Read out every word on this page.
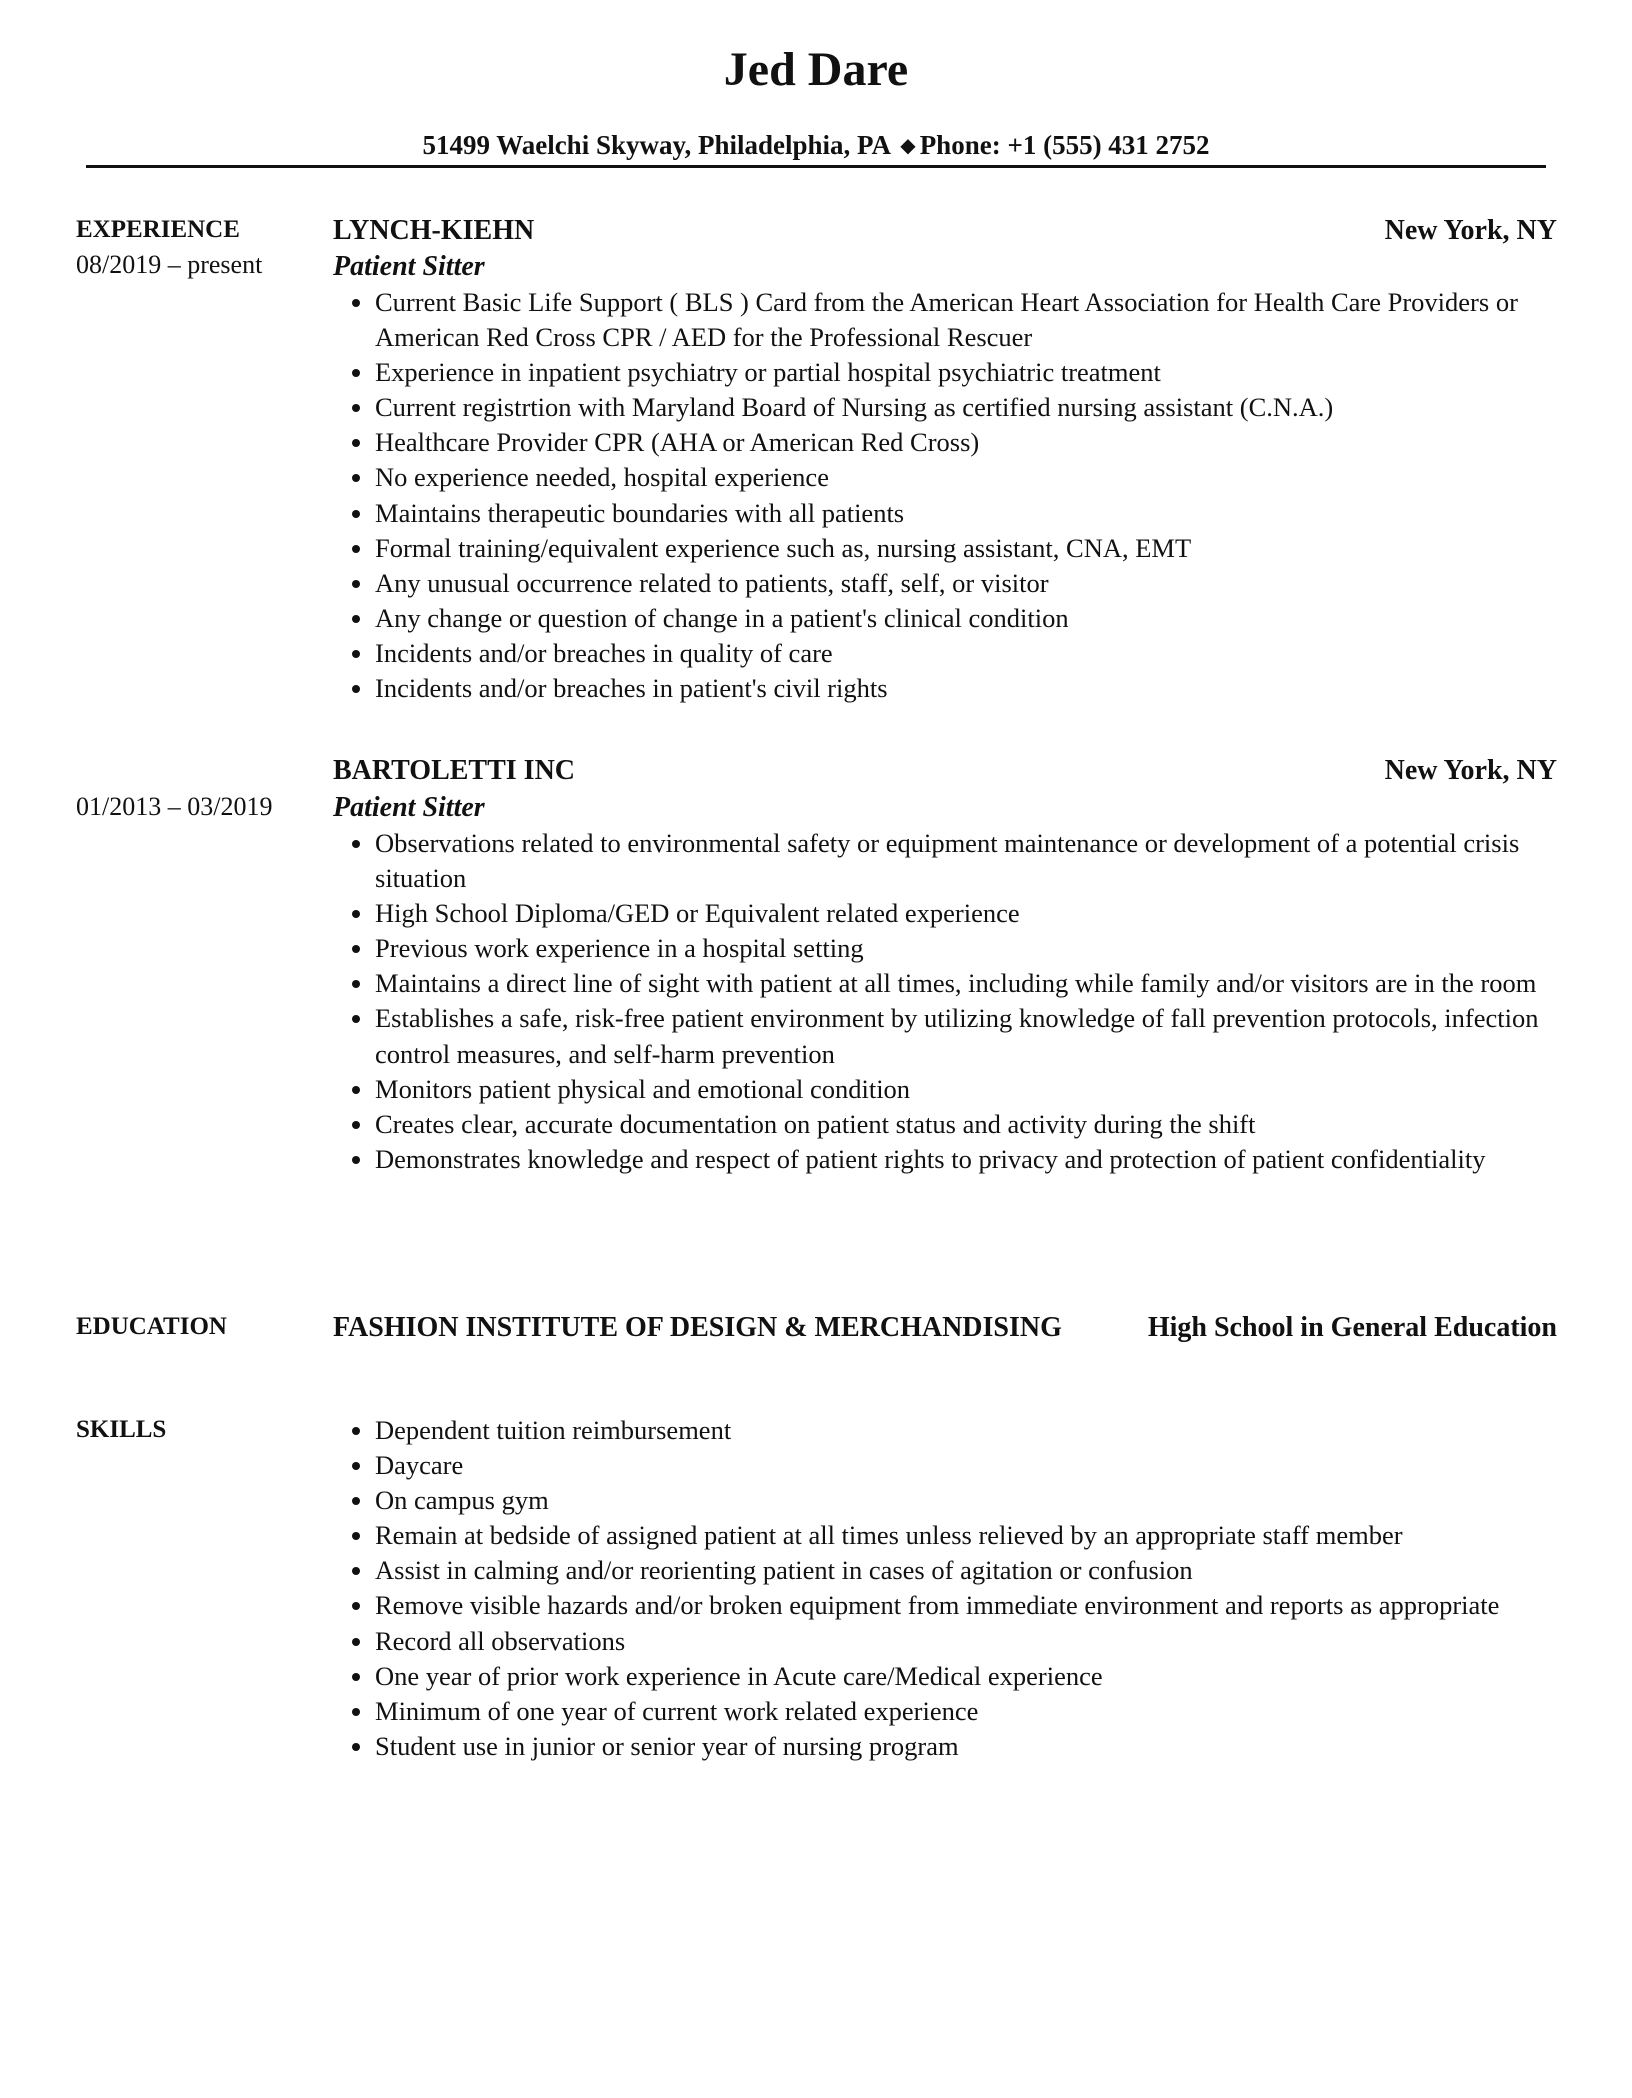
Jed Dare
51499 Waelchi Skyway, Philadelphia, PA ◆ Phone: +1 (555) 431 2752
EXPERIENCE
08/2019 – present
LYNCH-KIEHN	New York, NY
Patient Sitter
Current Basic Life Support ( BLS ) Card from the American Heart Association for Health Care Providers or American Red Cross CPR / AED for the Professional Rescuer
Experience in inpatient psychiatry or partial hospital psychiatric treatment
Current registrtion with Maryland Board of Nursing as certified nursing assistant (C.N.A.)
Healthcare Provider CPR (AHA or American Red Cross)
No experience needed, hospital experience
Maintains therapeutic boundaries with all patients
Formal training/equivalent experience such as, nursing assistant, CNA, EMT
Any unusual occurrence related to patients, staff, self, or visitor
Any change or question of change in a patient's clinical condition
Incidents and/or breaches in quality of care
Incidents and/or breaches in patient's civil rights
01/2013 – 03/2019
BARTOLETTI INC	New York, NY
Patient Sitter
Observations related to environmental safety or equipment maintenance or development of a potential crisis situation
High School Diploma/GED or Equivalent related experience
Previous work experience in a hospital setting
Maintains a direct line of sight with patient at all times, including while family and/or visitors are in the room
Establishes a safe, risk-free patient environment by utilizing knowledge of fall prevention protocols, infection control measures, and self-harm prevention
Monitors patient physical and emotional condition
Creates clear, accurate documentation on patient status and activity during the shift
Demonstrates knowledge and respect of patient rights to privacy and protection of patient confidentiality
EDUCATION	FASHION INSTITUTE OF DESIGN & MERCHANDISING	High School in General Education
SKILLS	Dependent tuition reimbursement
Daycare
On campus gym
Remain at bedside of assigned patient at all times unless relieved by an appropriate staff member
Assist in calming and/or reorienting patient in cases of agitation or confusion
Remove visible hazards and/or broken equipment from immediate environment and reports as appropriate
Record all observations
One year of prior work experience in Acute care/Medical experience
Minimum of one year of current work related experience
Student use in junior or senior year of nursing program
